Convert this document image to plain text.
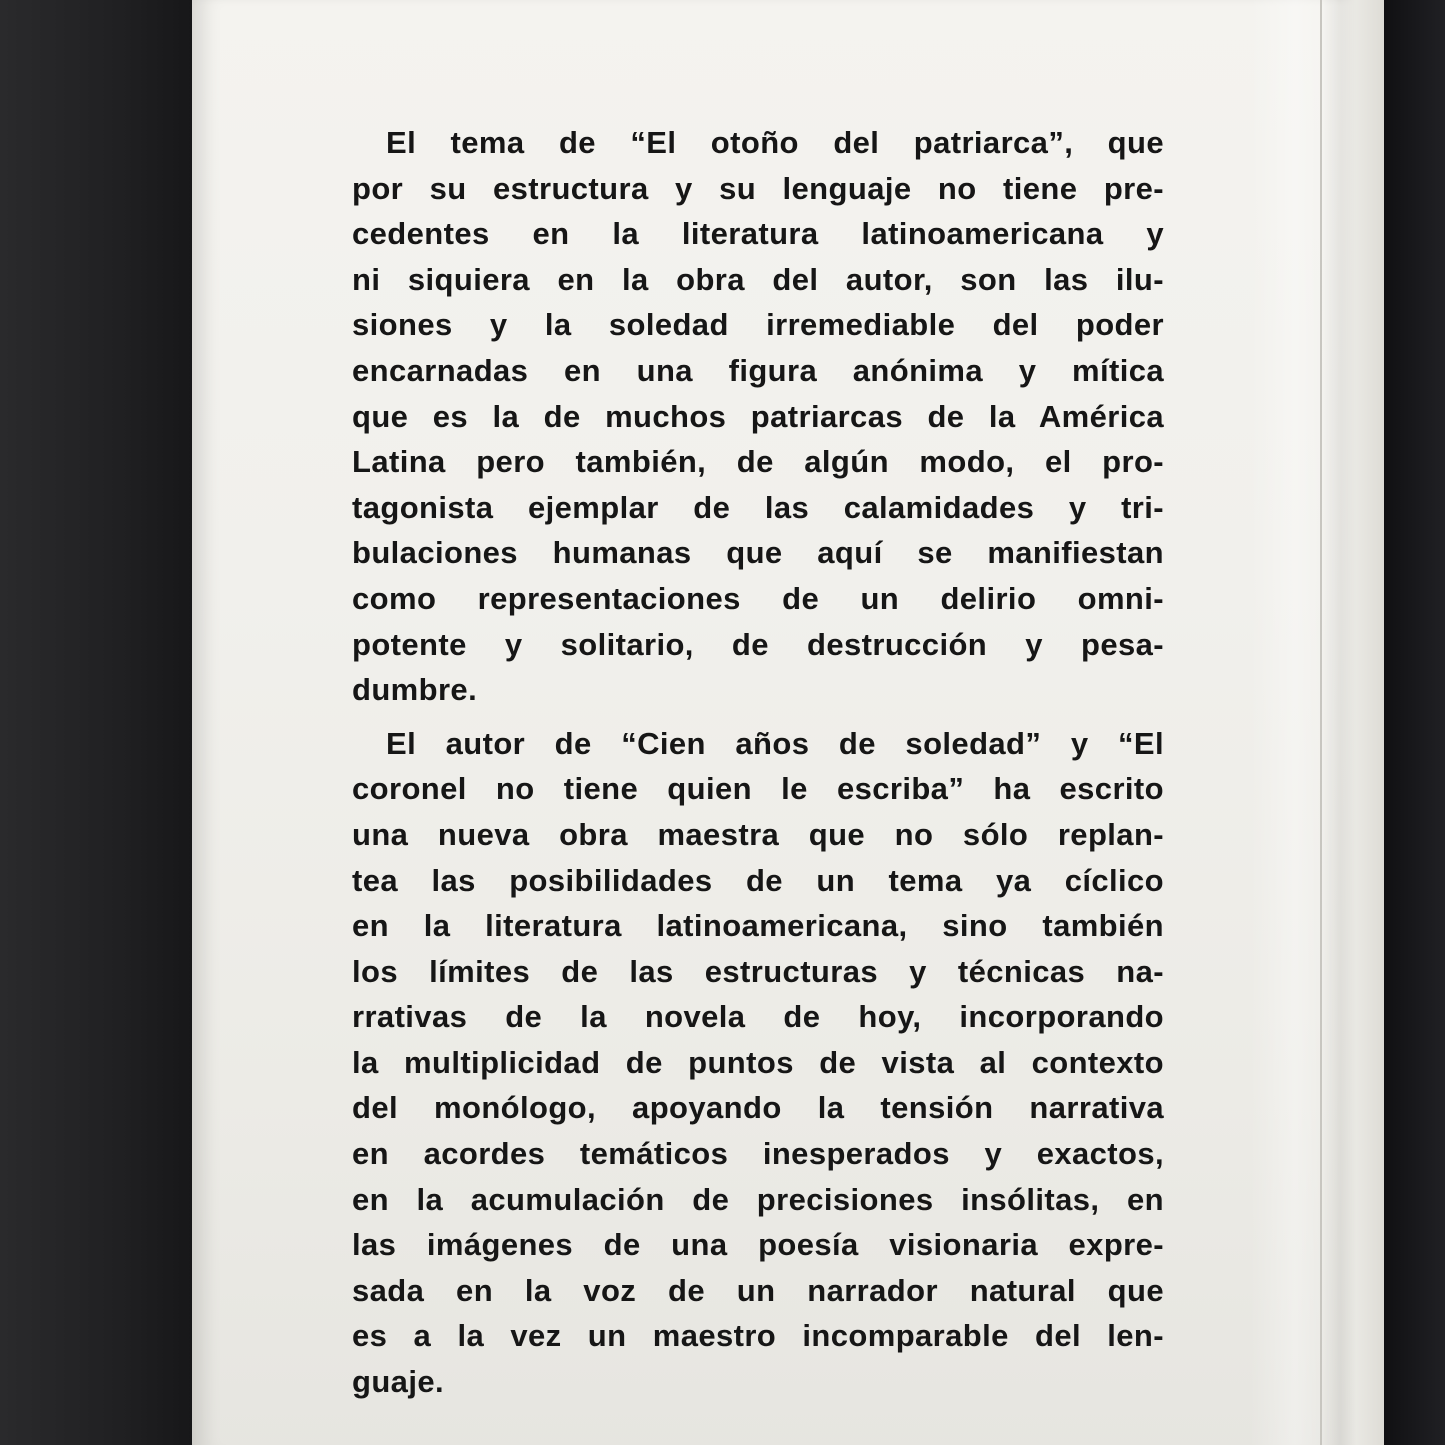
El tema de “El otoño del patriarca”, que
por su estructura y su lenguaje no tiene pre-
cedentes en la literatura latinoamericana y
ni siquiera en la obra del autor, son las ilu-
siones y la soledad irremediable del poder
encarnadas en una figura anónima y mítica
que es la de muchos patriarcas de la América
Latina pero también, de algún modo, el pro-
tagonista ejemplar de las calamidades y tri-
bulaciones humanas que aquí se manifiestan
como representaciones de un delirio omni-
potente y solitario, de destrucción y pesa-
dumbre.
El autor de “Cien años de soledad” y “El
coronel no tiene quien le escriba” ha escrito
una nueva obra maestra que no sólo replan-
tea las posibilidades de un tema ya cíclico
en la literatura latinoamericana, sino también
los límites de las estructuras y técnicas na-
rrativas de la novela de hoy, incorporando
la multiplicidad de puntos de vista al contexto
del monólogo, apoyando la tensión narrativa
en acordes temáticos inesperados y exactos,
en la acumulación de precisiones insólitas, en
las imágenes de una poesía visionaria expre-
sada en la voz de un narrador natural que
es a la vez un maestro incomparable del len-
guaje.
